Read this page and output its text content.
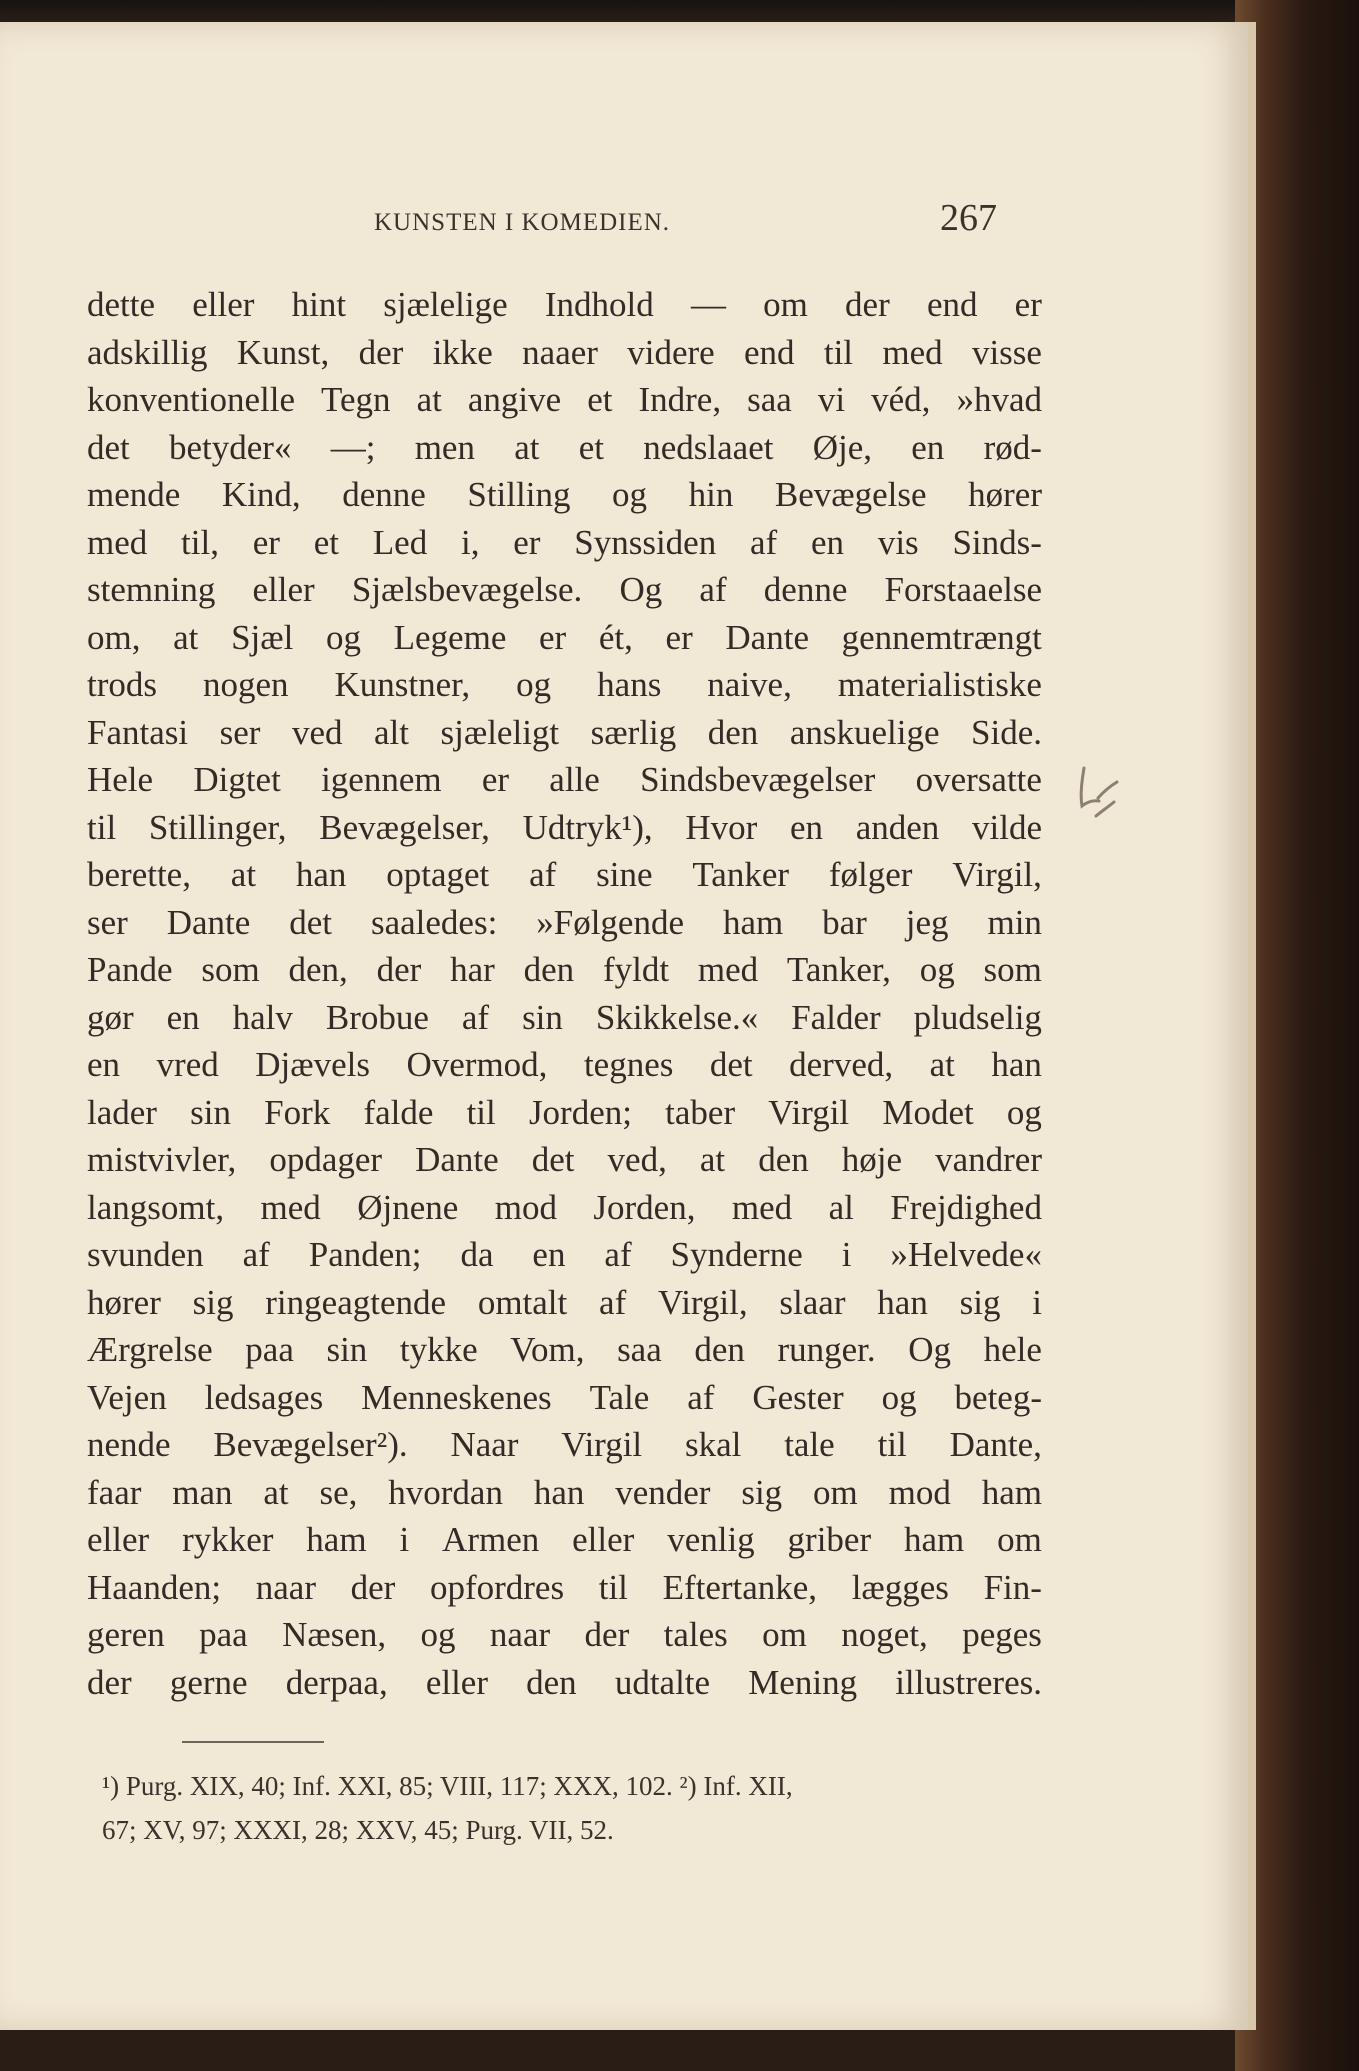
KUNSTEN I KOMEDIEN.	267
dette eller hint sjælelige Indhold — om der end er
adskillig Kunst, der ikke naaer videre end til med visse
konventionelle Tegn at angive et Indre, saa vi véd, »hvad
det betyder« —; men at et nedslaaet Øje, en rød-
mende Kind, denne Stilling og hin Bevægelse hører
med til, er et Led i, er Synssiden af en vis Sinds-
stemning eller Sjælsbevægelse. Og af denne Forstaaelse
om, at Sjæl og Legeme er ét, er Dante gennemtrængt
trods nogen Kunstner, og hans naive, materialistiske
Fantasi ser ved alt sjæleligt særlig den anskuelige Side.
Hele Digtet igennem er alle Sindsbevægelser oversatte
til Stillinger, Bevægelser, Udtryk¹), Hvor en anden vilde
berette, at han optaget af sine Tanker følger Virgil,
ser Dante det saaledes: »Følgende ham bar jeg min
Pande som den, der har den fyldt med Tanker, og som
gør en halv Brobue af sin Skikkelse.« Falder pludselig
en vred Djævels Overmod, tegnes det derved, at han
lader sin Fork falde til Jorden; taber Virgil Modet og
mistvivler, opdager Dante det ved, at den høje vandrer
langsomt, med Øjnene mod Jorden, med al Frejdighed
svunden af Panden; da en af Synderne i »Helvede«
hører sig ringeagtende omtalt af Virgil, slaar han sig i
Ærgrelse paa sin tykke Vom, saa den runger. Og hele
Vejen ledsages Menneskenes Tale af Gester og beteg-
nende Bevægelser²). Naar Virgil skal tale til Dante,
faar man at se, hvordan han vender sig om mod ham
eller rykker ham i Armen eller venlig griber ham om
Haanden; naar der opfordres til Eftertanke, lægges Fin-
geren paa Næsen, og naar der tales om noget, peges
der gerne derpaa, eller den udtalte Mening illustreres.
¹) Purg. XIX, 40; Inf. XXI, 85; VIII, 117; XXX, 102. ²) Inf. XII,
67; XV, 97; XXXI, 28; XXV, 45; Purg. VII, 52.
